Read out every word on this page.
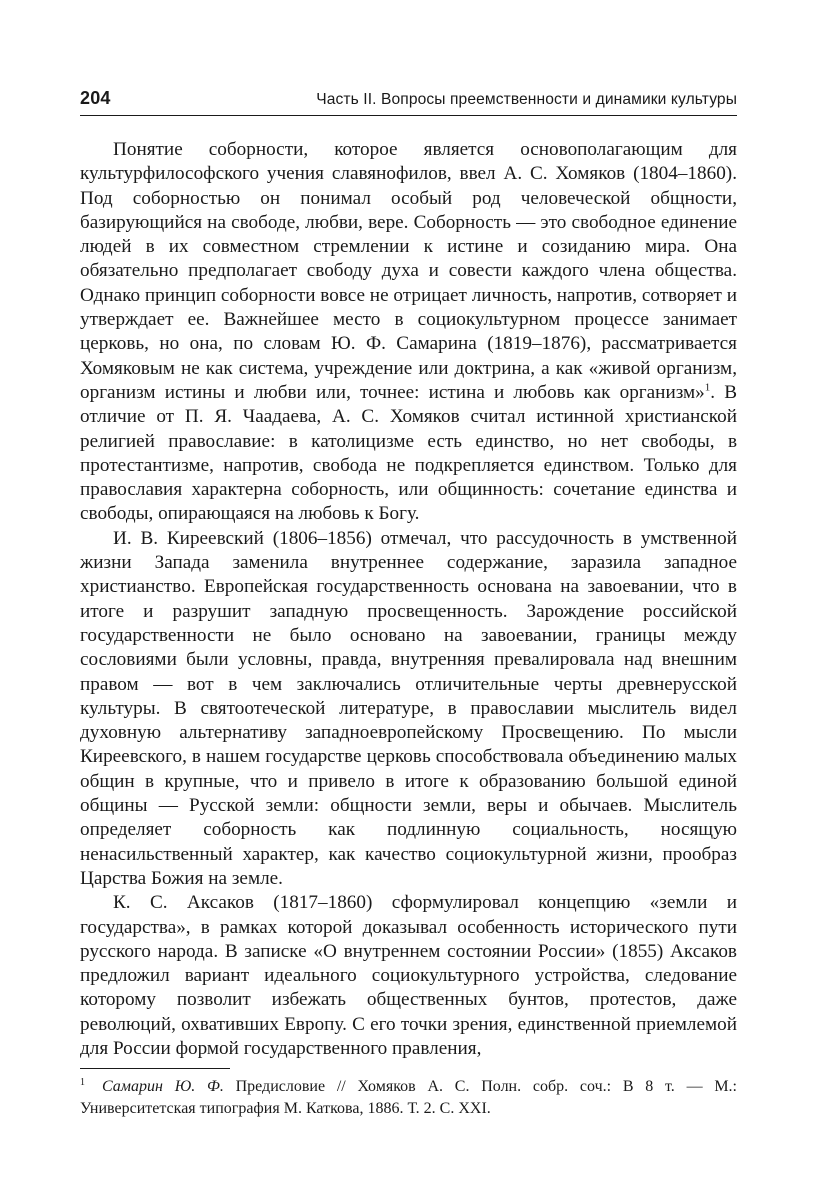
204	Часть II. Вопросы преемственности и динамики культуры

Понятие соборности, которое является основополагающим для культурфилософского учения славянофилов, ввел А. С. Хомяков (1804–1860). Под соборностью он понимал особый род человеческой общности, базирующийся на свободе, любви, вере. Соборность — это свободное единение людей в их совместном стремлении к истине и созиданию мира. Она обязательно предполагает свободу духа и совести каждого члена общества. Однако принцип соборности вовсе не отрицает личность, напротив, сотворяет и утверждает ее. Важнейшее место в социокультурном процессе занимает церковь, но она, по словам Ю. Ф. Самарина (1819–1876), рассматривается Хомяковым не как система, учреждение или доктрина, а как «живой организм, организм истины и любви или, точнее: истина и любовь как организм»$^1$. В отличие от П. Я. Чаадаева, А. С. Хомяков считал истинной христианской религией православие: в католицизме есть единство, но нет свободы, в протестантизме, напротив, свобода не подкрепляется единством. Только для православия характерна соборность, или общинность: сочетание единства и свободы, опирающаяся на любовь к Богу.

И. В. Киреевский (1806–1856) отмечал, что рассудочность в умственной жизни Запада заменила внутреннее содержание, заразила западное христианство. Европейская государственность основана на завоевании, что в итоге и разрушит западную просвещенность. Зарождение российской государственности не было основано на завоевании, границы между сословиями были условны, правда, внутренняя превалировала над внешним правом — вот в чем заключались отличительные черты древнерусской культуры. В святоотеческой литературе, в православии мыслитель видел духовную альтернативу западноевропейскому Просвещению. По мысли Киреевского, в нашем государстве церковь способствовала объединению малых общин в крупные, что и привело в итоге к образованию большой единой общины — Русской земли: общности земли, веры и обычаев. Мыслитель определяет соборность как подлинную социальность, носящую ненасильственный характер, как качество социокультурной жизни, прообраз Царства Божия на земле.

К. С. Аксаков (1817–1860) сформулировал концепцию «земли и государства», в рамках которой доказывал особенность исторического пути русского народа. В записке «О внутреннем состоянии России» (1855) Аксаков предложил вариант идеального социокультурного устройства, следование которому позволит избежать общественных бунтов, протестов, даже революций, охвативших Европу. С его точки зрения, единственной приемлемой для России формой государственного правления,

1 Самарин Ю. Ф. Предисловие // Хомяков А. С. Полн. собр. соч.: В 8 т. — М.: Университетская типография М. Каткова, 1886. Т. 2. С. XXI.
